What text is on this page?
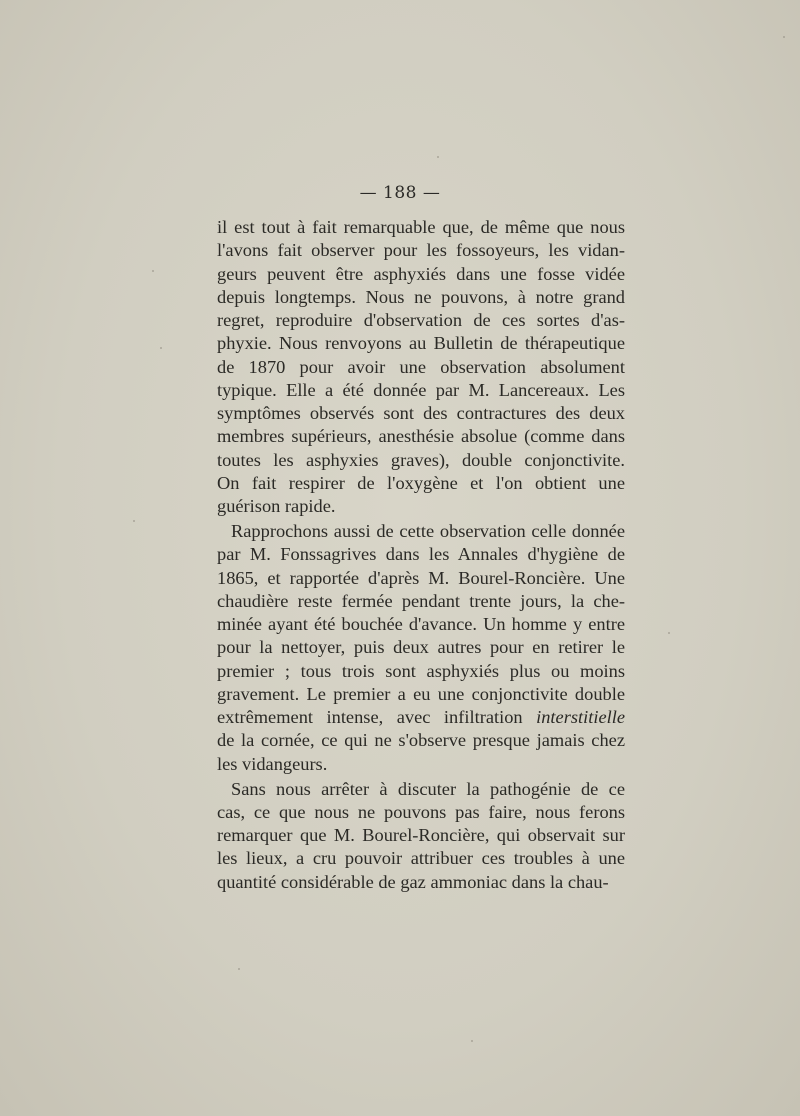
— 188 —

il est tout à fait remarquable que, de même que nous
l'avons fait observer pour les fossoyeurs, les vidan-
geurs peuvent être asphyxiés dans une fosse vidée
depuis longtemps. Nous ne pouvons, à notre grand
regret, reproduire d'observation de ces sortes d'as-
phyxie. Nous renvoyons au Bulletin de thérapeutique
de 1870 pour avoir une observation absolument
typique. Elle a été donnée par M. Lancereaux. Les
symptômes observés sont des contractures des deux
membres supérieurs, anesthésie absolue (comme dans
toutes les asphyxies graves), double conjonctivite.
On fait respirer de l'oxygène et l'on obtient une
guérison rapide.

Rapprochons aussi de cette observation celle donnée
par M. Fonssagrives dans les Annales d'hygiène de
1865, et rapportée d'après M. Bourel-Roncière. Une
chaudière reste fermée pendant trente jours, la che-
minée ayant été bouchée d'avance. Un homme y entre
pour la nettoyer, puis deux autres pour en retirer le
premier ; tous trois sont asphyxiés plus ou moins
gravement. Le premier a eu une conjonctivite double
extrêmement intense, avec infiltration interstitielle
de la cornée, ce qui ne s'observe presque jamais chez
les vidangeurs.

Sans nous arrêter à discuter la pathogénie de ce
cas, ce que nous ne pouvons pas faire, nous ferons
remarquer que M. Bourel-Roncière, qui observait sur
les lieux, a cru pouvoir attribuer ces troubles à une
quantité considérable de gaz ammoniac dans la chau-
